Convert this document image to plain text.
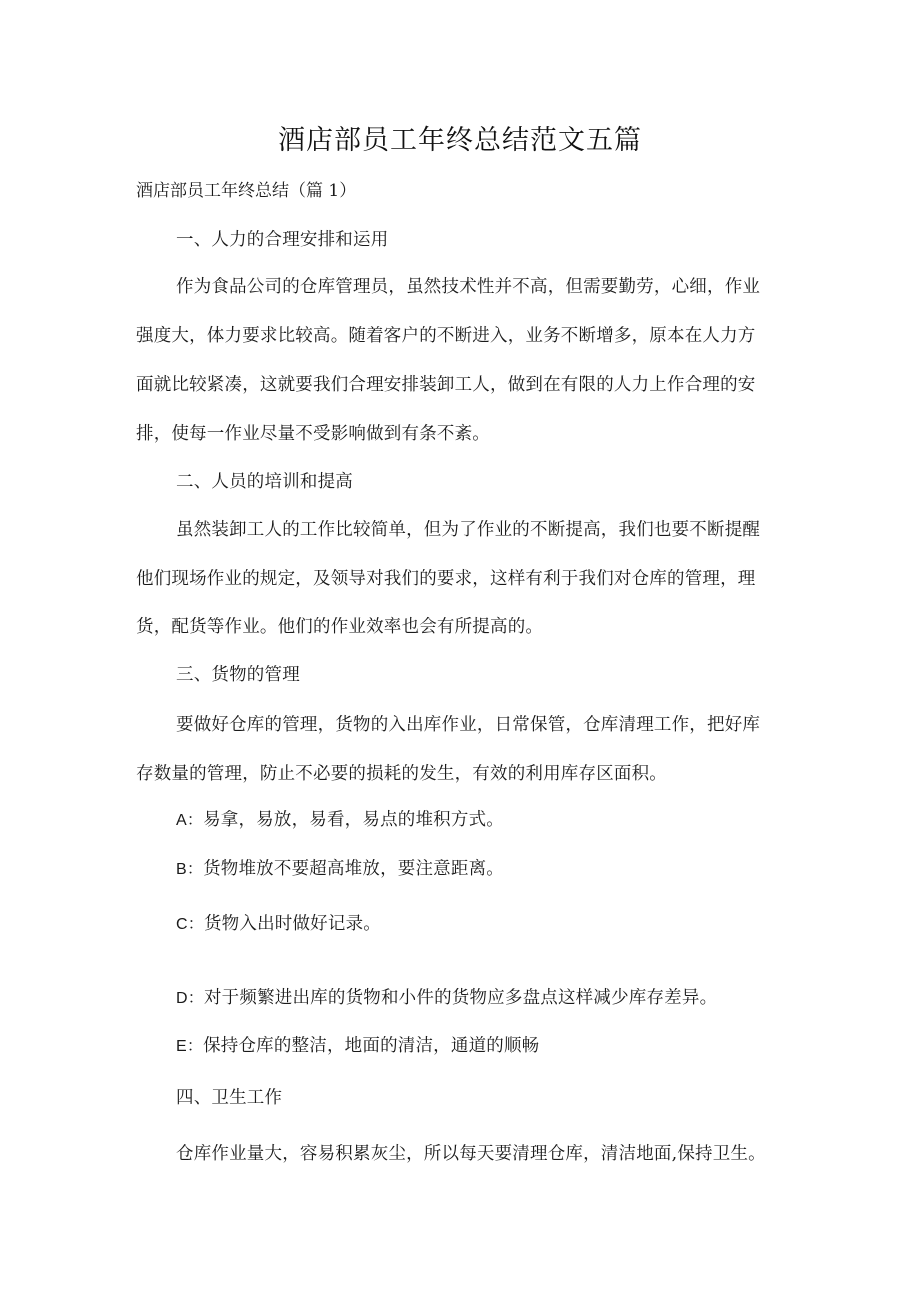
酒店部员工年终总结范文五篇
酒店部员工年终总结（篇 1）
一、人力的合理安排和运用
作为食品公司的仓库管理员，虽然技术性并不高，但需要勤劳，心细，作业
强度大，体力要求比较高。随着客户的不断进入，业务不断增多，原本在人力方
面就比较紧凑，这就要我们合理安排装卸工人，做到在有限的人力上作合理的安
排，使每一作业尽量不受影响做到有条不紊。
二、人员的培训和提高
虽然装卸工人的工作比较简单，但为了作业的不断提高，我们也要不断提醒
他们现场作业的规定，及领导对我们的要求，这样有利于我们对仓库的管理，理
货，配货等作业。他们的作业效率也会有所提高的。
三、货物的管理
要做好仓库的管理，货物的入出库作业，日常保管，仓库清理工作，把好库
存数量的管理，防止不必要的损耗的发生，有效的利用库存区面积。
A：易拿，易放，易看，易点的堆积方式。
B：货物堆放不要超高堆放，要注意距离。
C：货物入出时做好记录。
D：对于频繁进出库的货物和小件的货物应多盘点这样减少库存差异。
E：保持仓库的整洁，地面的清洁，通道的顺畅
四、卫生工作
仓库作业量大，容易积累灰尘，所以每天要清理仓库，清洁地面,保持卫生。
